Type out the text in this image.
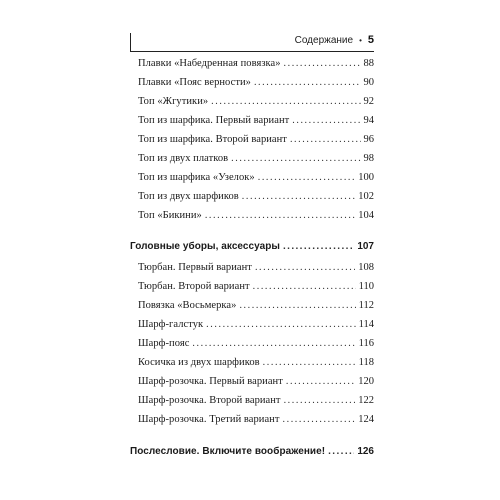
Содержание • 5
Плавки «Набедренная повязка» .....	88
Плавки «Пояс верности» .....	90
Топ «Жгутики» .....	92
Топ из шарфика. Первый вариант .....	94
Топ из шарфика. Второй вариант .....	96
Топ из двух платков .....	98
Топ из шарфика «Узелок» .....	100
Топ из двух шарфиков .....	102
Топ «Бикини» .....	104
Головные уборы, аксессуары .....	107
Тюрбан. Первый вариант .....	108
Тюрбан. Второй вариант .....	110
Повязка «Восьмерка» .....	112
Шарф-галстук .....	114
Шарф-пояс .....	116
Косичка из двух шарфиков .....	118
Шарф-розочка. Первый вариант .....	120
Шарф-розочка. Второй вариант .....	122
Шарф-розочка. Третий вариант .....	124
Послесловие. Включите воображение! .....	126
